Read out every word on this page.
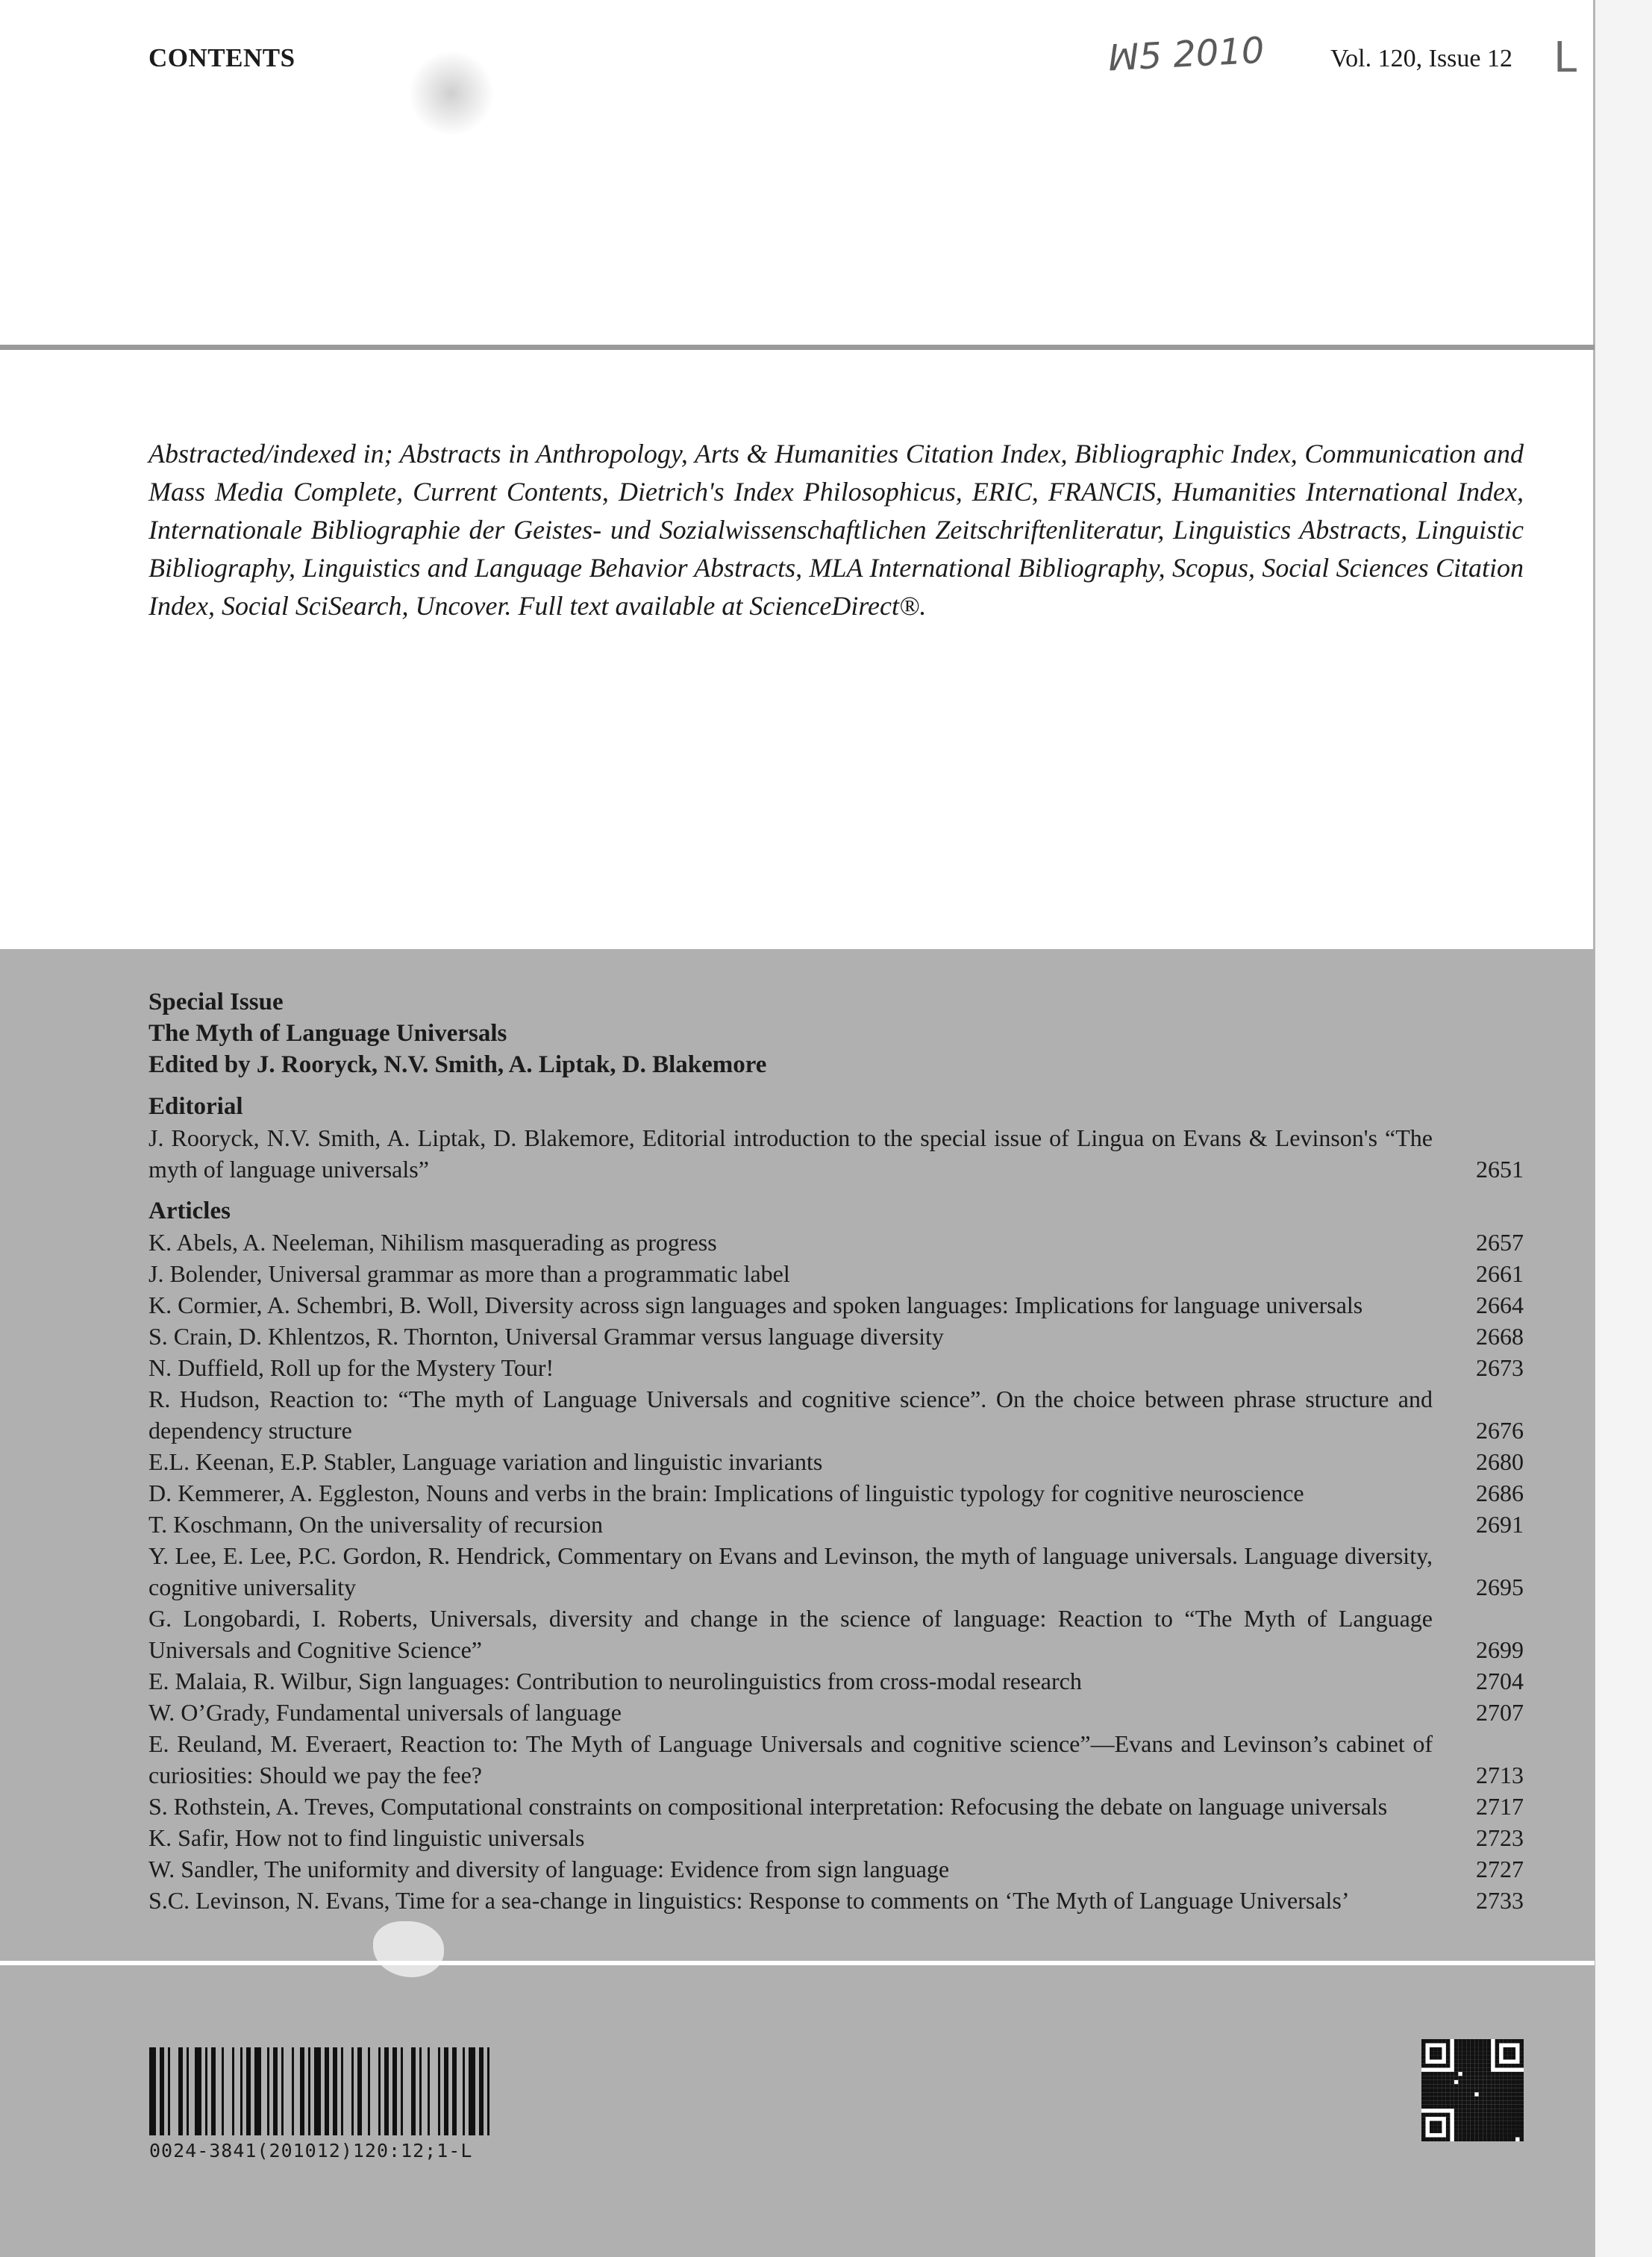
CONTENTS	ꟽ5 2010	Vol. 120, Issue 12 L

Abstracted/indexed in; Abstracts in Anthropology, Arts & Humanities Citation Index, Bibliographic Index, Communication and Mass Media Complete, Current Contents, Dietrich's Index Philosophicus, ERIC, FRANCIS, Humanities International Index, Internationale Bibliographie der Geistes- und Sozialwissenschaftlichen Zeitschriftenliteratur, Linguistics Abstracts, Linguistic Bibliography, Linguistics and Language Behavior Abstracts, MLA International Bibliography, Scopus, Social Sciences Citation Index, Social SciSearch, Uncover. Full text available at ScienceDirect®.

Special Issue
The Myth of Language Universals
Edited by J. Rooryck, N.V. Smith, A. Liptak, D. Blakemore
Editorial
J. Rooryck, N.V. Smith, A. Liptak, D. Blakemore, Editorial introduction to the special issue of Lingua on Evans & Levinson's “The myth of language universals”	2651
Articles
K. Abels, A. Neeleman, Nihilism masquerading as progress	2657
J. Bolender, Universal grammar as more than a programmatic label	2661
K. Cormier, A. Schembri, B. Woll, Diversity across sign languages and spoken languages: Implications for language universals	2664
S. Crain, D. Khlentzos, R. Thornton, Universal Grammar versus language diversity	2668
N. Duffield, Roll up for the Mystery Tour!	2673
R. Hudson, Reaction to: “The myth of Language Universals and cognitive science”. On the choice between phrase structure and dependency structure	2676
E.L. Keenan, E.P. Stabler, Language variation and linguistic invariants	2680
D. Kemmerer, A. Eggleston, Nouns and verbs in the brain: Implications of linguistic typology for cognitive neuroscience	2686
T. Koschmann, On the universality of recursion	2691
Y. Lee, E. Lee, P.C. Gordon, R. Hendrick, Commentary on Evans and Levinson, the myth of language universals. Language diversity, cognitive universality	2695
G. Longobardi, I. Roberts, Universals, diversity and change in the science of language: Reaction to “The Myth of Language Universals and Cognitive Science”	2699
E. Malaia, R. Wilbur, Sign languages: Contribution to neurolinguistics from cross-modal research	2704
W. O’Grady, Fundamental universals of language	2707
E. Reuland, M. Everaert, Reaction to: The Myth of Language Universals and cognitive science”—Evans and Levinson’s cabinet of curiosities: Should we pay the fee?	2713
S. Rothstein, A. Treves, Computational constraints on compositional interpretation: Refocusing the debate on language universals	2717
K. Safir, How not to find linguistic universals	2723
W. Sandler, The uniformity and diversity of language: Evidence from sign language	2727
S.C. Levinson, N. Evans, Time for a sea-change in linguistics: Response to comments on ‘The Myth of Language Universals’	2733
0024-3841(201012)120:12;1-L
